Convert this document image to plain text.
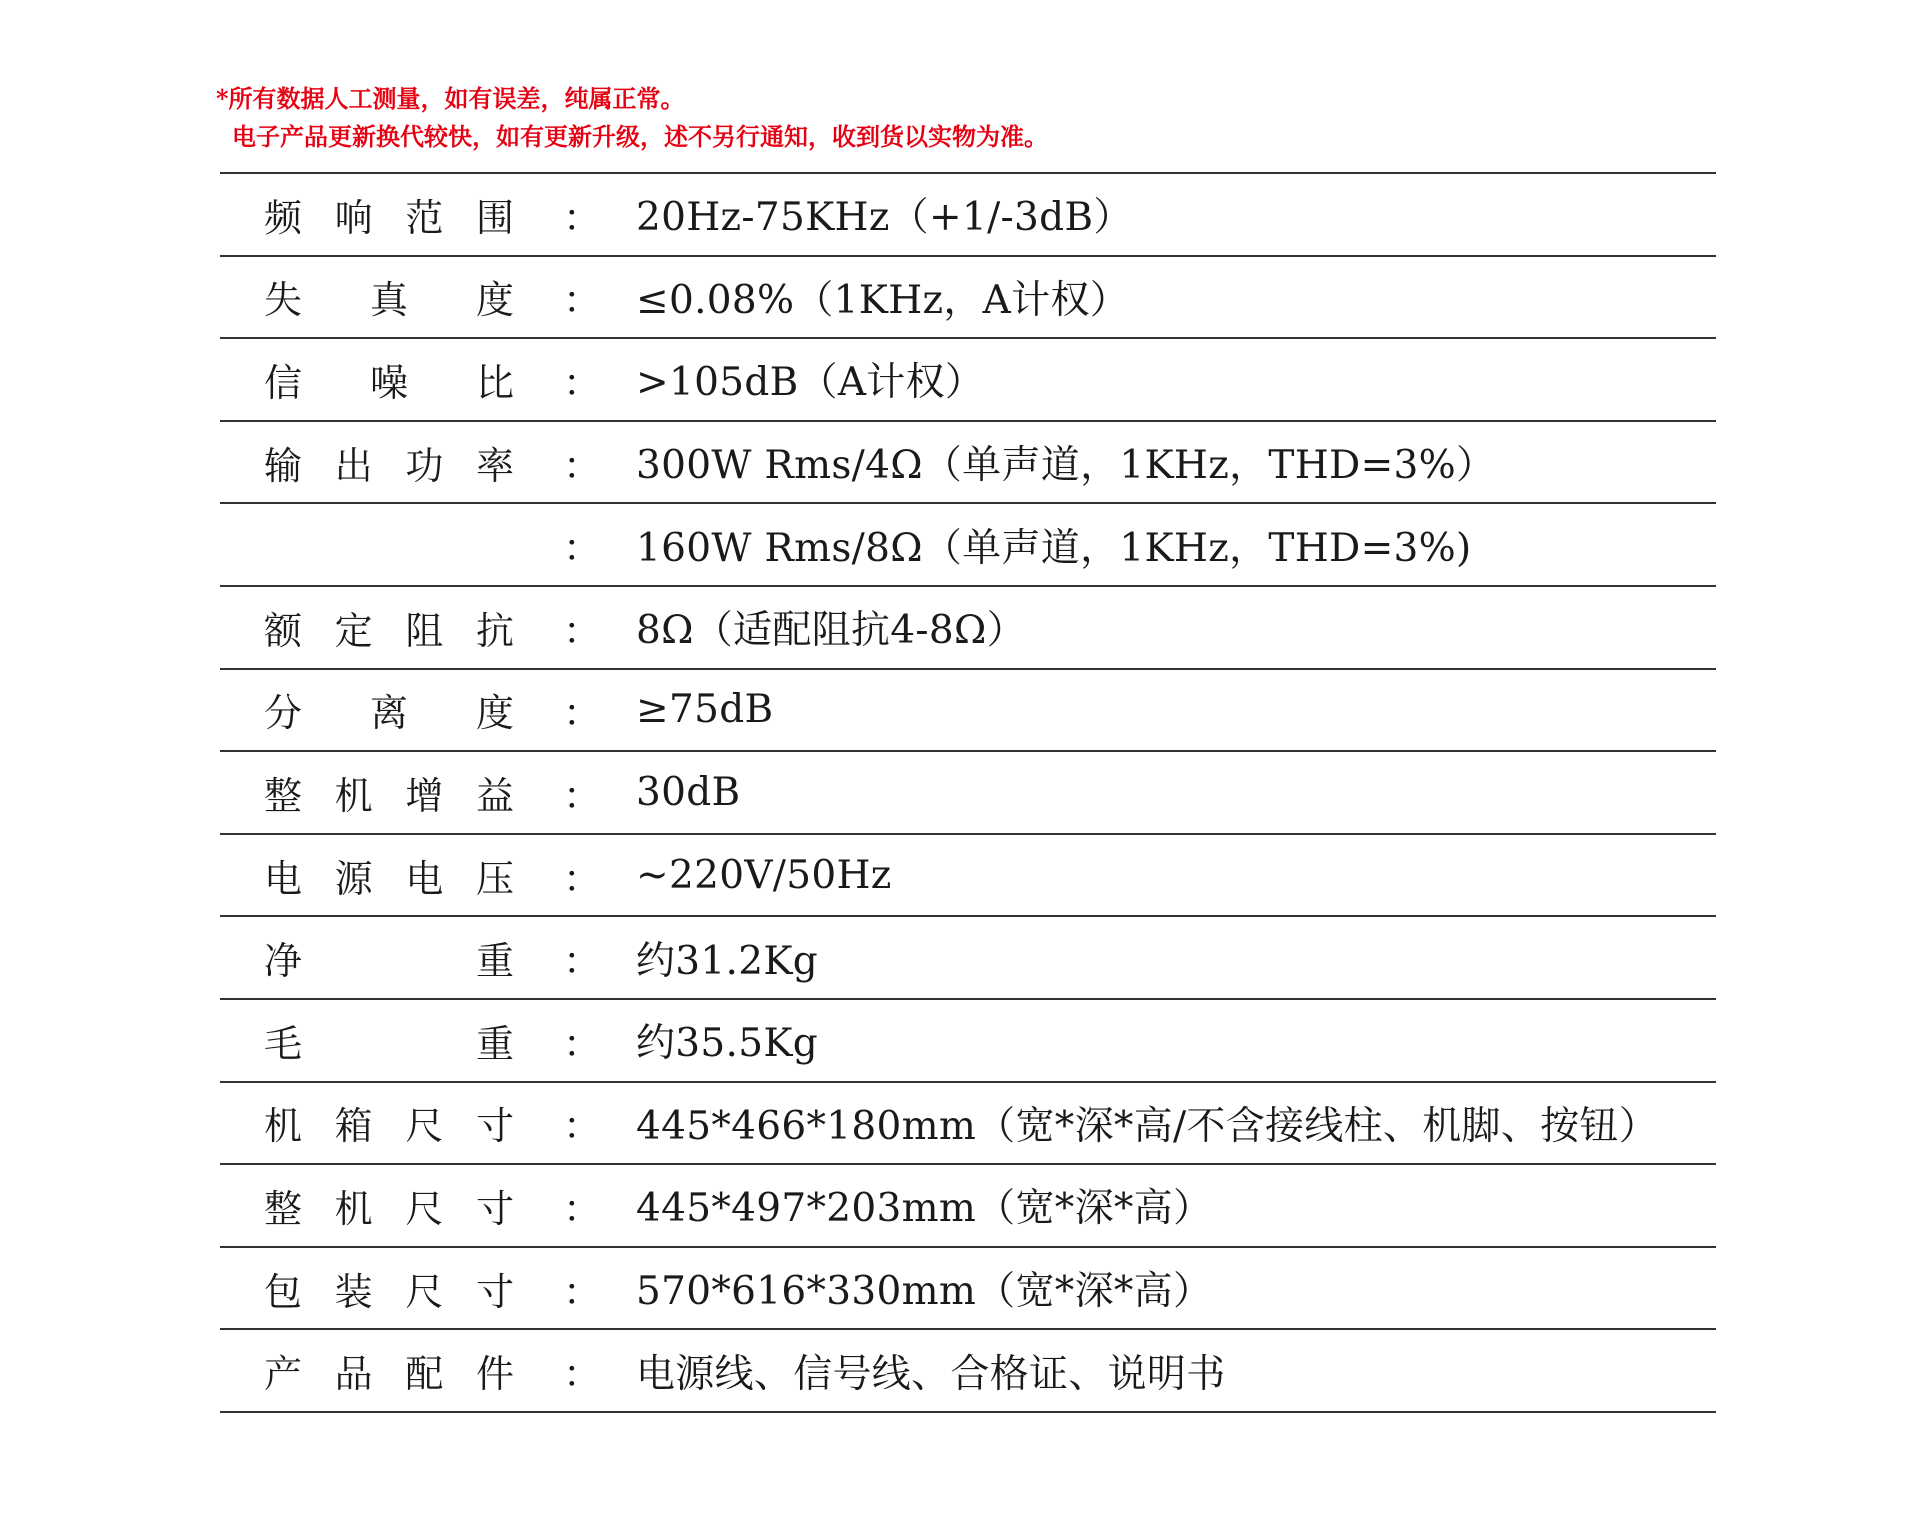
*所有数据人工测量，如有误差，纯属正常。
电子产品更新换代较快，如有更新升级，述不另行通知，收到货以实物为准。
频 响 范 围 ： 20Hz-75KHz（+1/-3dB）
失 真 度 ： ≤0.08%（1KHz，A计权）
信 噪 比 ： >105dB（A计权）
输 出 功 率 ： 300W Rms/4Ω（单声道，1KHz，THD=3%）
： 160W Rms/8Ω（单声道，1KHz，THD=3%)
额 定 阻 抗 ： 8Ω（适配阻抗4-8Ω）
分 离 度 ： ≥75dB
整 机 增 益 ： 30dB
电 源 电 压 ： ~220V/50Hz
净	重 ： 约31.2Kg
毛	重 ： 约35.5Kg
机 箱 尺 寸 ： 445*466*180mm（宽*深*高/不含接线柱、机脚、按钮）
整 机 尺 寸 ： 445*497*203mm（宽*深*高）
包 装 尺 寸 ： 570*616*330mm（宽*深*高）
产 品 配 件 ： 电源线、信号线、合格证、说明书
